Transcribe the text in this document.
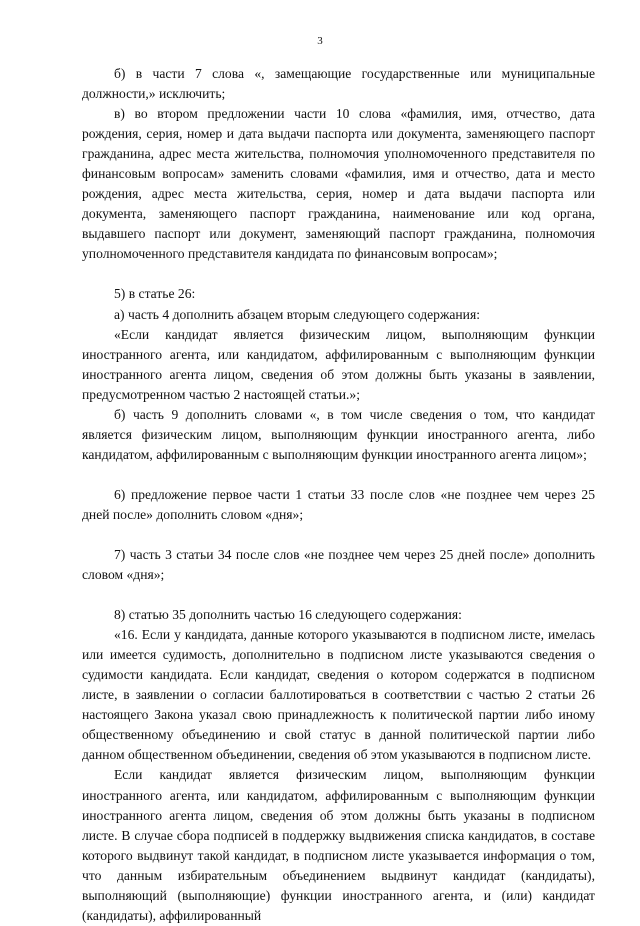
3

б) в части 7 слова «, замещающие государственные или муниципальные должности,» исключить;

в) во втором предложении части 10 слова «фамилия, имя, отчество, дата рождения, серия, номер и дата выдачи паспорта или документа, заменяющего паспорт гражданина, адрес места жительства, полномочия уполномоченного представителя по финансовым вопросам» заменить словами «фамилия, имя и отчество, дата и место рождения, адрес места жительства, серия, номер и дата выдачи паспорта или документа, заменяющего паспорт гражданина, наименование или код органа, выдавшего паспорт или документ, заменяющий паспорт гражданина, полномочия уполномоченного представителя кандидата по финансовым вопросам»;

5) в статье 26:

а) часть 4 дополнить абзацем вторым следующего содержания:

«Если кандидат является физическим лицом, выполняющим функции иностранного агента, или кандидатом, аффилированным с выполняющим функции иностранного агента лицом, сведения об этом должны быть указаны в заявлении, предусмотренном частью 2 настоящей статьи.»;

б) часть 9 дополнить словами «, в том числе сведения о том, что кандидат является физическим лицом, выполняющим функции иностранного агента, либо кандидатом, аффилированным с выполняющим функции иностранного агента лицом»;

6) предложение первое части 1 статьи 33 после слов «не позднее чем через 25 дней после» дополнить словом «дня»;

7) часть 3 статьи 34 после слов «не позднее чем через 25 дней после» дополнить словом «дня»;

8) статью 35 дополнить частью 16 следующего содержания:

«16. Если у кандидата, данные которого указываются в подписном листе, имелась или имеется судимость, дополнительно в подписном листе указываются сведения о судимости кандидата. Если кандидат, сведения о котором содержатся в подписном листе, в заявлении о согласии баллотироваться в соответствии с частью 2 статьи 26 настоящего Закона указал свою принадлежность к политической партии либо иному общественному объединению и свой статус в данной политической партии либо данном общественном объединении, сведения об этом указываются в подписном листе.

Если кандидат является физическим лицом, выполняющим функции иностранного агента, или кандидатом, аффилированным с выполняющим функции иностранного агента лицом, сведения об этом должны быть указаны в подписном листе. В случае сбора подписей в поддержку выдвижения списка кандидатов, в составе которого выдвинут такой кандидат, в подписном листе указывается информация о том, что данным избирательным объединением выдвинут кандидат (кандидаты), выполняющий (выполняющие) функции иностранного агента, и (или) кандидат (кандидаты), аффилированный
